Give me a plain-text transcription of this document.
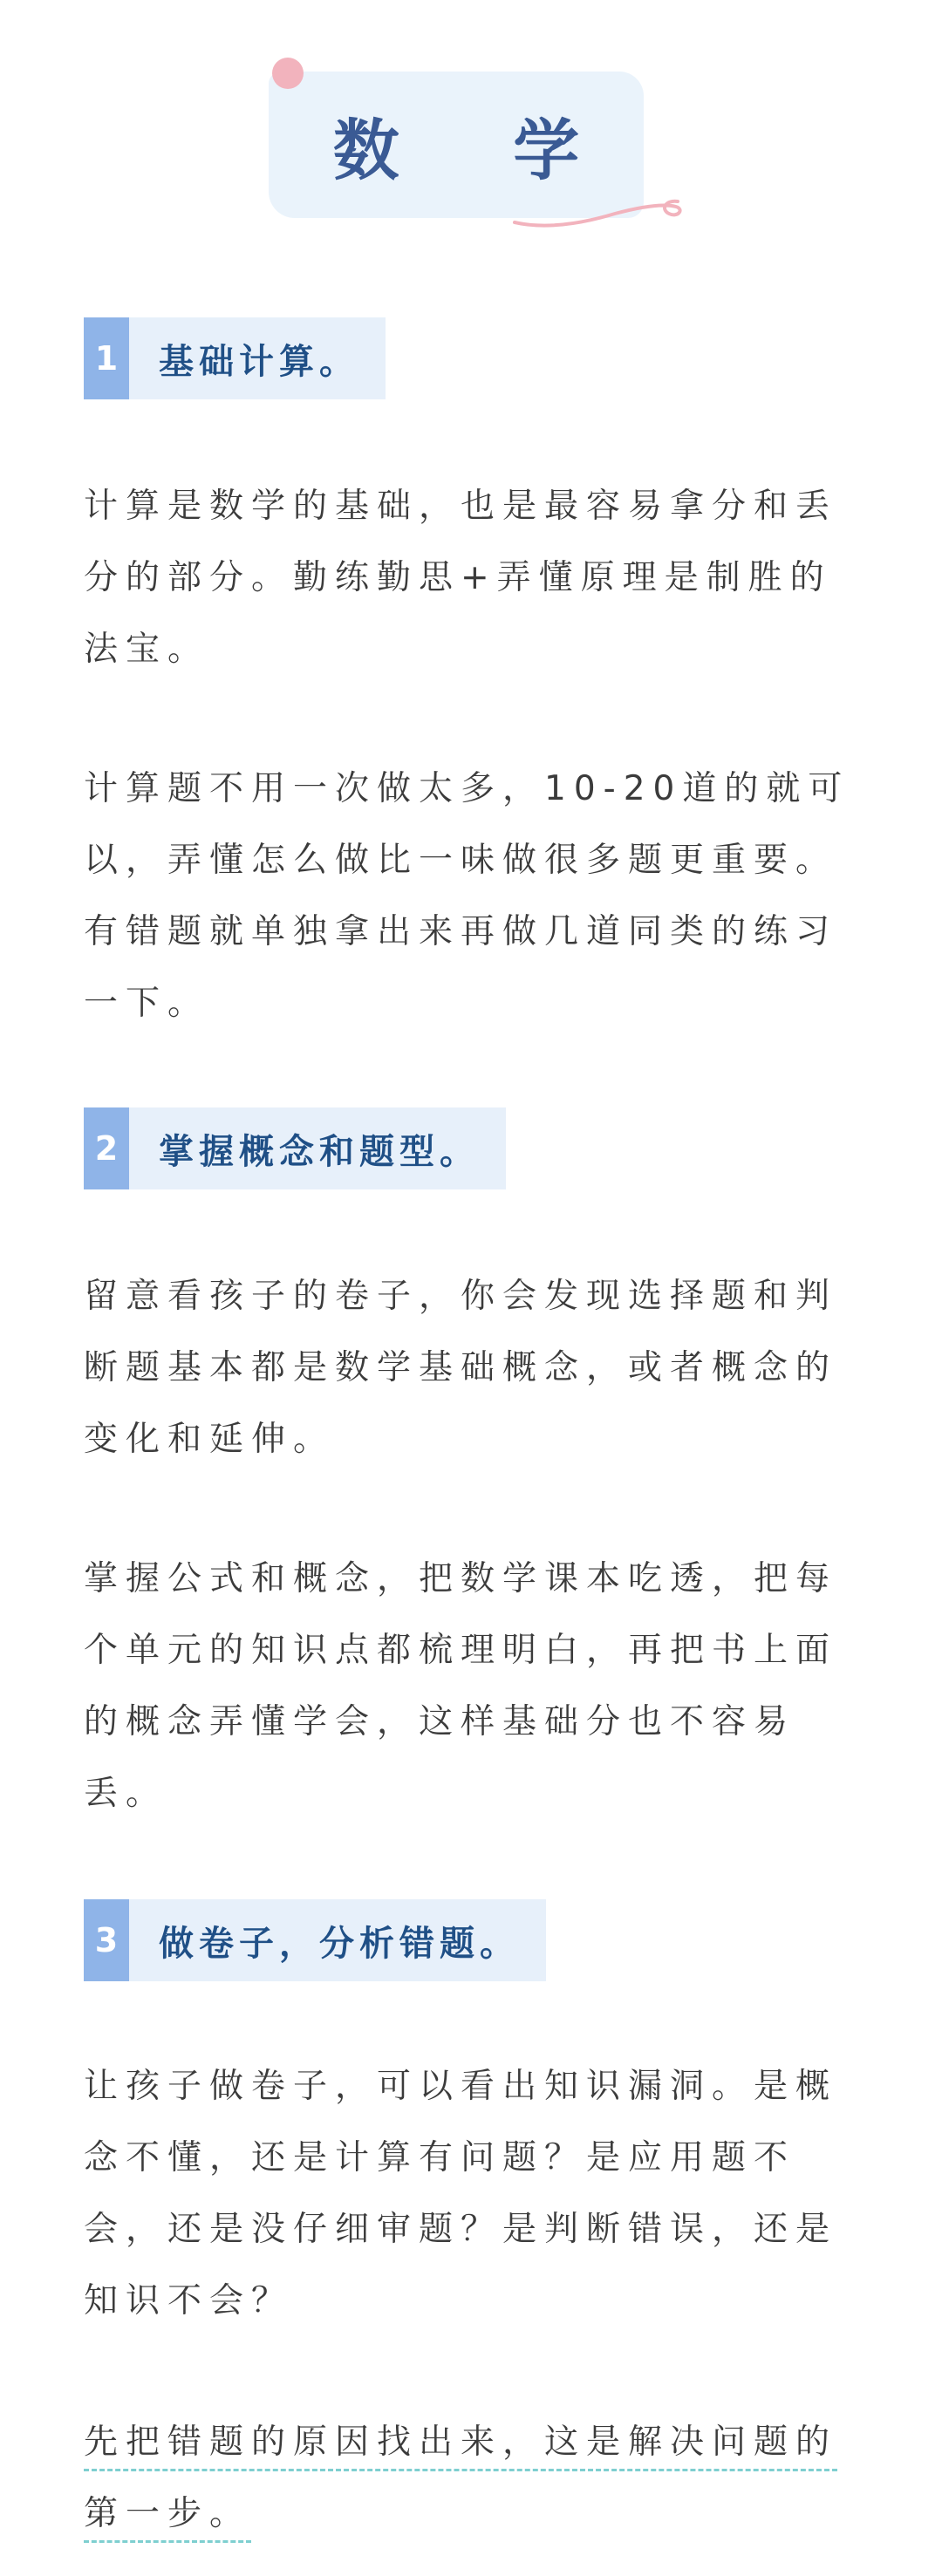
数 学
1	基础计算。
计算是数学的基础，也是最容易拿分和丢分的部分。勤练勤思+弄懂原理是制胜的法宝。
计算题不用一次做太多，10-20道的就可以，弄懂怎么做比一味做很多题更重要。有错题就单独拿出来再做几道同类的练习一下。
2	掌握概念和题型。
留意看孩子的卷子，你会发现选择题和判断题基本都是数学基础概念，或者概念的变化和延伸。
掌握公式和概念，把数学课本吃透，把每个单元的知识点都梳理明白，再把书上面的概念弄懂学会，这样基础分也不容易丢。
3	做卷子，分析错题。
让孩子做卷子，可以看出知识漏洞。是概念不懂，还是计算有问题？是应用题不会，还是没仔细审题？是判断错误，还是知识不会？
先把错题的原因找出来，这是解决问题的第一步。
